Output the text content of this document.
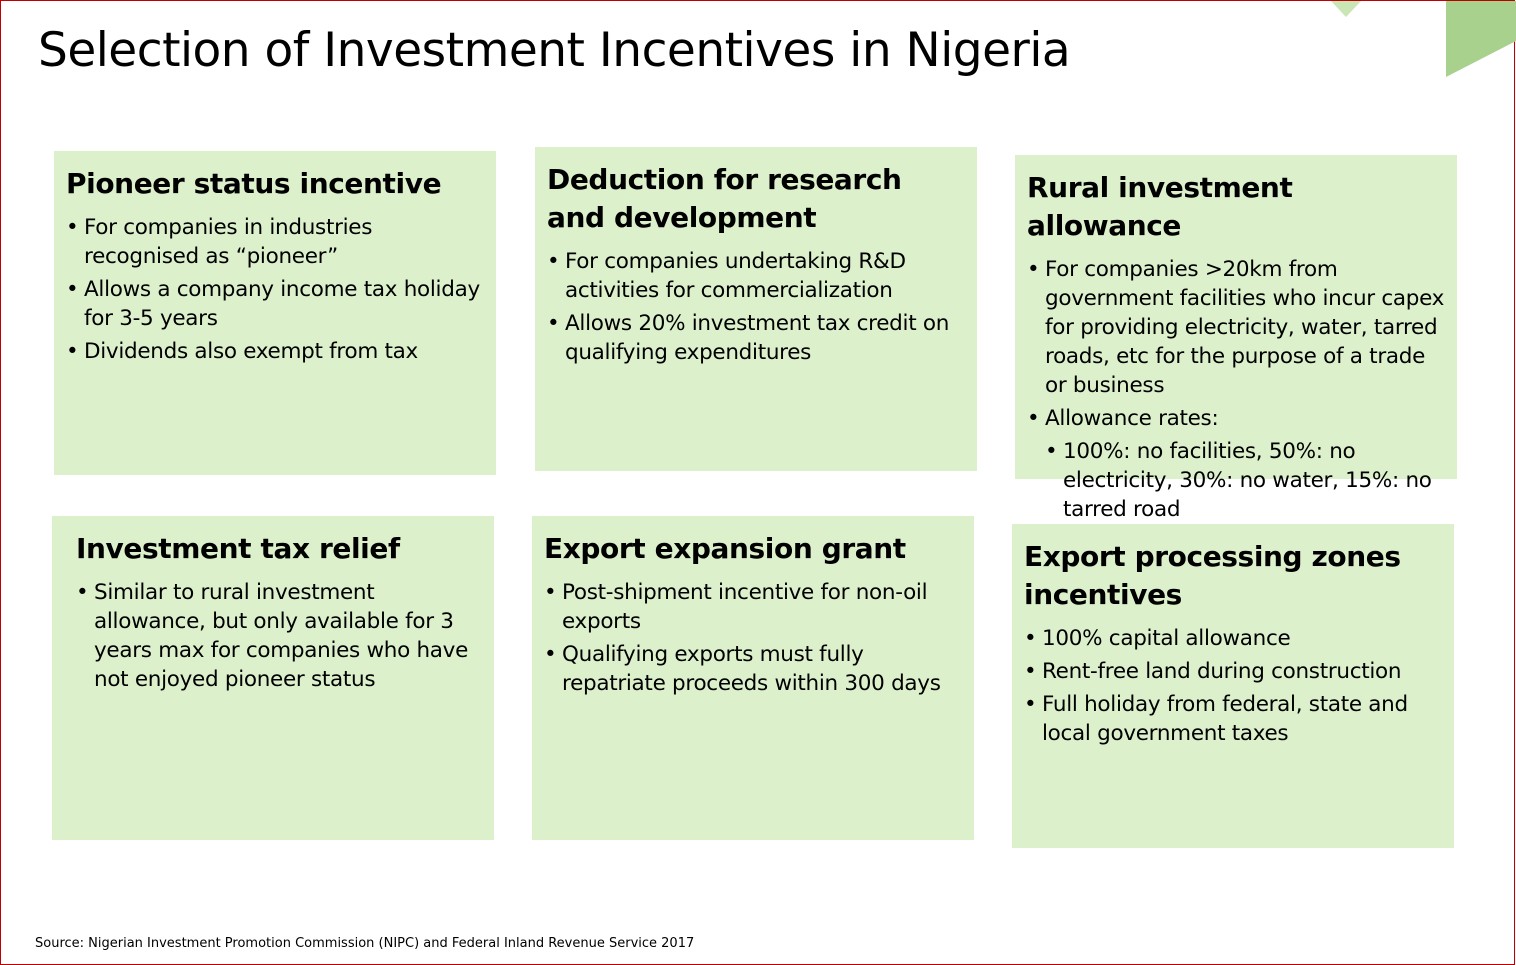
Selection of Investment Incentives in Nigeria
Pioneer status incentive
• For companies in industries recognised as “pioneer”
• Allows a company income tax holiday for 3-5 years
• Dividends also exempt from tax
Deduction for research and development
• For companies undertaking R&D activities for commercialization
• Allows 20% investment tax credit on qualifying expenditures
Rural investment allowance
• For companies >20km from government facilities who incur capex for providing electricity, water, tarred roads, etc for the purpose of a trade or business
• Allowance rates:
• 100%: no facilities, 50%: no electricity, 30%: no water, 15%: no tarred road
Investment tax relief
• Similar to rural investment allowance, but only available for 3 years max for companies who have not enjoyed pioneer status
Export expansion grant
• Post-shipment incentive for non-oil exports
• Qualifying exports must fully repatriate proceeds within 300 days
Export processing zones incentives
• 100% capital allowance
• Rent-free land during construction
• Full holiday from federal, state and local government taxes
Source: Nigerian Investment Promotion Commission (NIPC) and Federal Inland Revenue Service 2017
